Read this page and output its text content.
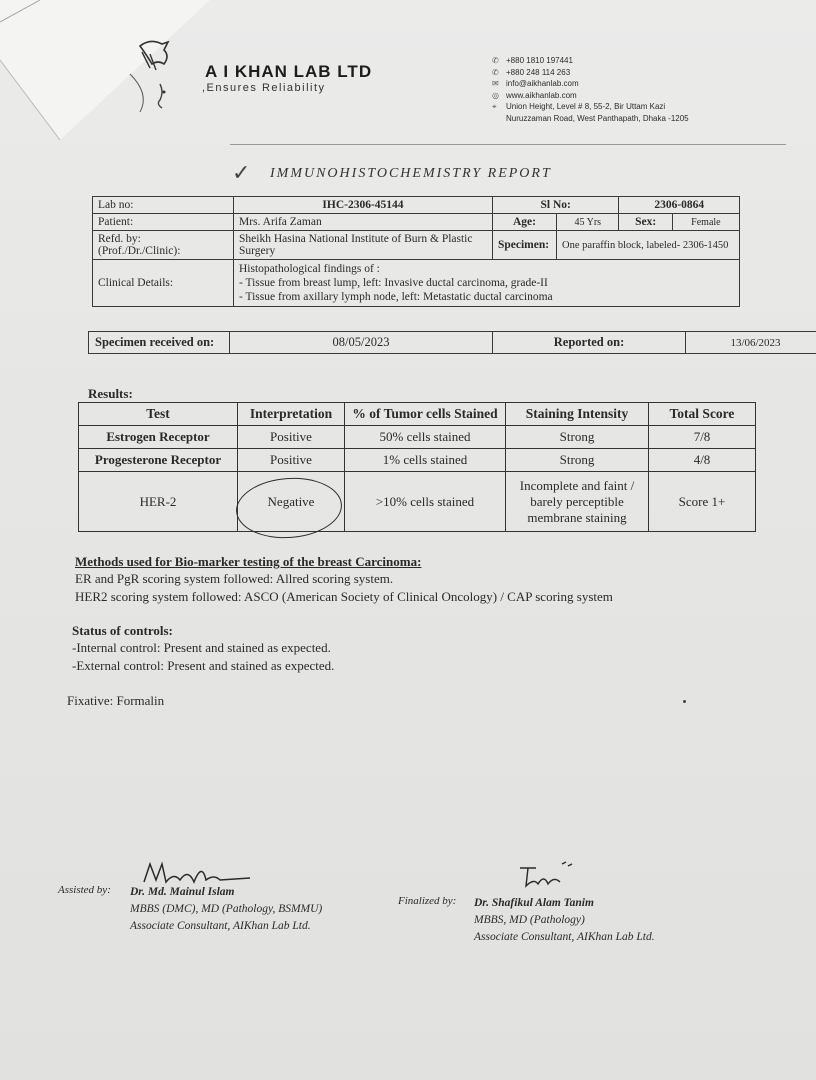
A I KHAN LAB LTD
,Ensures Reliability
✆ +880 1810 197441
✆ +880 248 114 263
✉ info@aikhanlab.com
◎ www.aikhanlab.com
⌖ Union Height, Level # 8, 55-2, Bir Uttam Kazi
Nuruzzaman Road, West Panthapath, Dhaka -1205
✓ IMMUNOHISTOCHEMISTRY REPORT
Lab no:	IHC-2306-45144	Sl No:		2306-0864	
Patient:	Mrs. Arifa Zaman	Age:	45 Yrs	Sex:	Female

Refd. by:
(Prof./Dr./Clinic):	Sheikh Hasina National Institute of Burn & Plastic Surgery	Specimen:	One paraffin block, labeled- 2306-1450		
Clinical Details:	Histopathological findings of :
- Tissue from breast lump, left: Invasive ductal carcinoma, grade-II
- Tissue from axillary lymph node, left: Metastatic ductal carcinoma				
Specimen received on:	08/05/2023	Reported on:	13/06/2023
Results:
Test	Interpretation	% of Tumor cells Stained	Staining Intensity	Total Score
Estrogen Receptor	Positive	50% cells stained	Strong	7/8
Progesterone Receptor	Positive	1% cells stained	Strong	4/8
HER-2	Negative	>10% cells stained	Incomplete and faint / barely perceptible membrane staining	Score 1+
Methods used for Bio-marker testing of the breast Carcinoma:
ER and PgR scoring system followed: Allred scoring system.
HER2 scoring system followed: ASCO (American Society of Clinical Oncology) / CAP scoring system
Status of controls:
-Internal control: Present and stained as expected.
-External control: Present and stained as expected.
Fixative: Formalin
Assisted by: Dr. Md. Mainul Islam
MBBS (DMC), MD (Pathology, BSMMU)
Associate Consultant, AIKhan Lab Ltd.
Finalized by: Dr. Shafikul Alam Tanim
MBBS, MD (Pathology)
Associate Consultant, AIKhan Lab Ltd.
